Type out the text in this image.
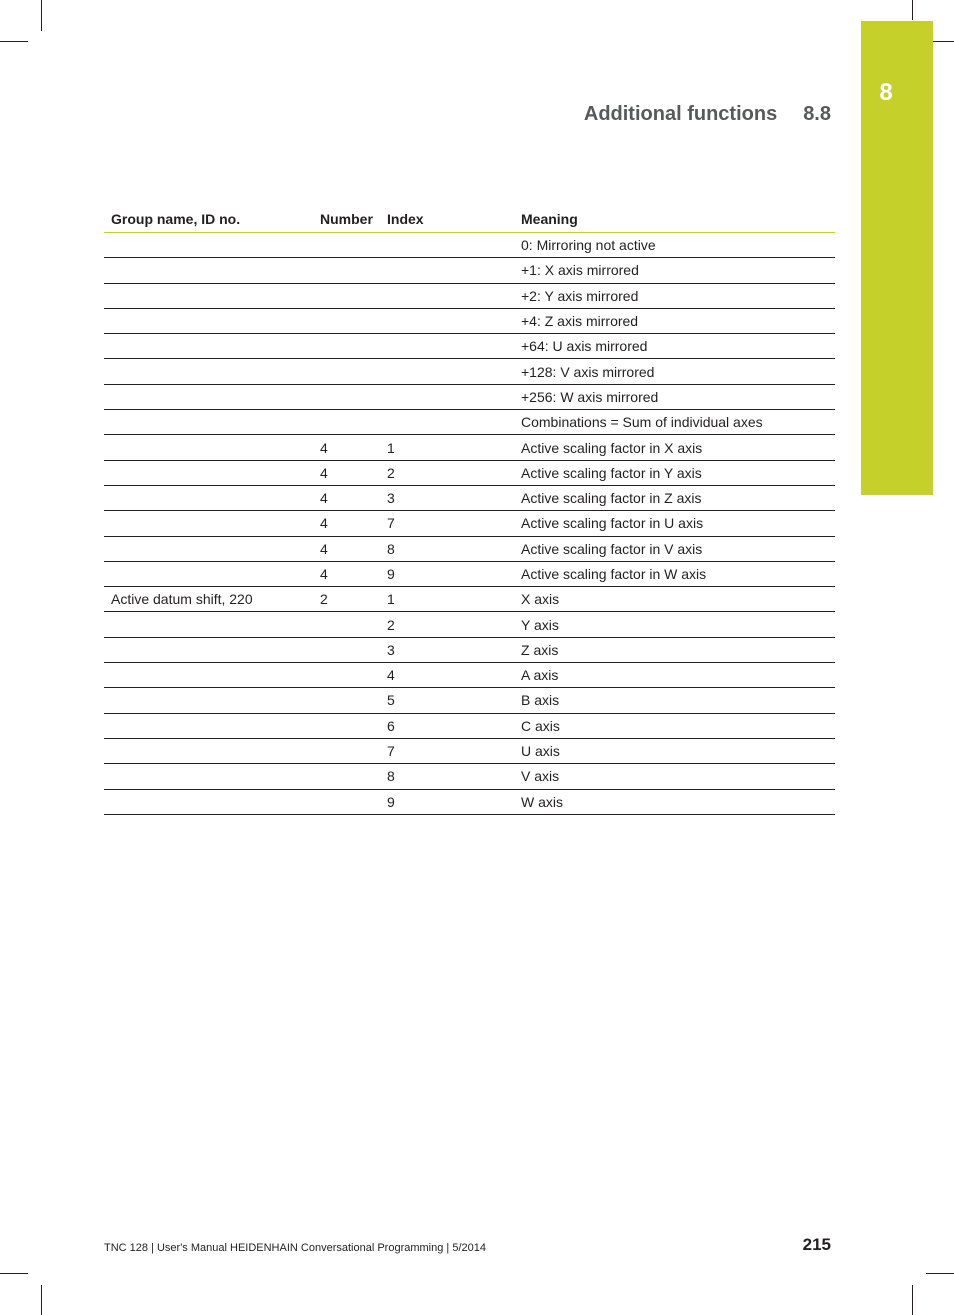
8
Additional functions 8.8
Group name, ID no.	Number	Index	Meaning
			0: Mirroring not active
			+1: X axis mirrored
			+2: Y axis mirrored
			+4: Z axis mirrored
			+64: U axis mirrored
			+128: V axis mirrored
			+256: W axis mirrored
			Combinations = Sum of individual axes
	4	1	Active scaling factor in X axis
	4	2	Active scaling factor in Y axis
	4	3	Active scaling factor in Z axis
	4	7	Active scaling factor in U axis
	4	8	Active scaling factor in V axis
	4	9	Active scaling factor in W axis
Active datum shift, 220	2	1	X axis
		2	Y axis
		3	Z axis
		4	A axis
		5	B axis
		6	C axis
		7	U axis
		8	V axis
		9	W axis
TNC 128 | User's Manual HEIDENHAIN Conversational Programming | 5/2014	215
